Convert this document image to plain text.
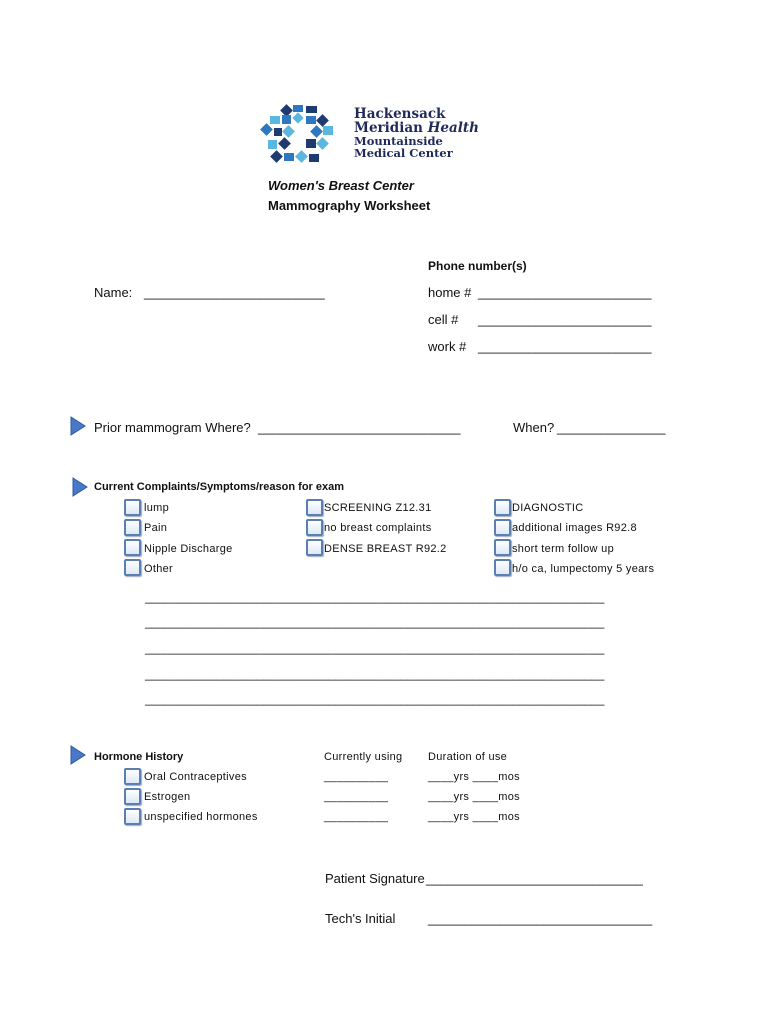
Hackensack
Meridian Health
Mountainside
Medical Center
Women's Breast Center
Mammography Worksheet
Phone number(s)
home # ________________________
cell # ________________________
work # ________________________
Name: _________________________
Prior mammogram Where? ____________________________	When? _______________
Current Complaints/Symptoms/reason for exam
lump
Pain
Nipple Discharge
Other
SCREENING Z12.31
no breast complaints
DENSE BREAST R92.2
DIAGNOSTIC
additional images R92.8
short term follow up
h/o ca, lumpectomy 5 years
______________________________________________________________________
______________________________________________________________________
______________________________________________________________________
______________________________________________________________________
______________________________________________________________________
Hormone History	Currently using Duration of use
Oral Contraceptives	__________	____yrs ____mos
Estrogen	__________	____yrs ____mos
unspecified hormones	__________	____yrs ____mos
Patient Signature ______________________________
Tech's Initial	_______________________________
